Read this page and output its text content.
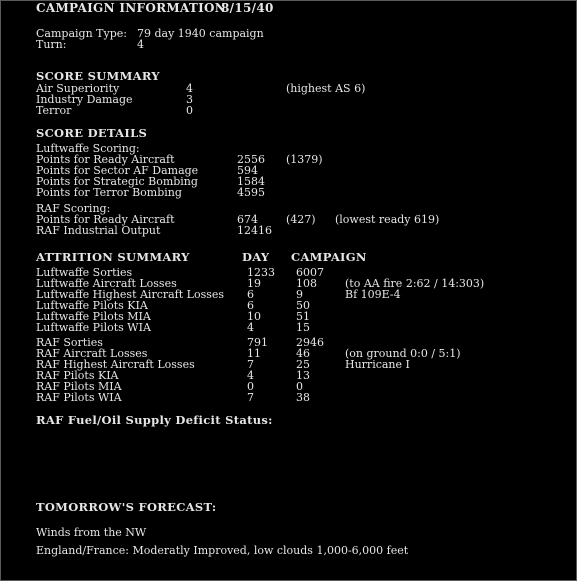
CAMPAIGN INFORMATION
8/15/40
Campaign Type: 79 day 1940 campaign
Turn:	4
SCORE SUMMARY
Air Superiority	4	(highest AS 6)
Industry Damage	3
Terror	0
SCORE DETAILS
Luftwaffe Scoring:
Points for Ready Aircraft	2556 (1379)
Points for Sector AF Damage	594
Points for Strategic Bombing	1584
Points for Terror Bombing	4595
RAF Scoring:
Points for Ready Aircraft	674	(427) (lowest ready 619)
RAF Industrial Output	12416
ATTRITION SUMMARY	DAY CAMPAIGN
Luftwaffe Sorties	1233 6007
Luftwaffe Aircraft Losses	19	108	(to AA fire 2:62 / 14:303)
Luftwaffe Highest Aircraft Losses 6	9	Bf 109E-4
Luftwaffe Pilots KIA	6	50
Luftwaffe Pilots MIA	10	51
Luftwaffe Pilots WIA	4	15
RAF Sorties	791	2946
RAF Aircraft Losses	11	46	(on ground 0:0 / 5:1)
RAF Highest Aircraft Losses	7	25	Hurricane I
RAF Pilots KIA	4	13
RAF Pilots MIA	0	0
RAF Pilots WIA	7	38
RAF Fuel/Oil Supply Deficit Status:
TOMORROW'S FORECAST:
Winds from the NW
England/France: Moderatly Improved, low clouds 1,000-6,000 feet
